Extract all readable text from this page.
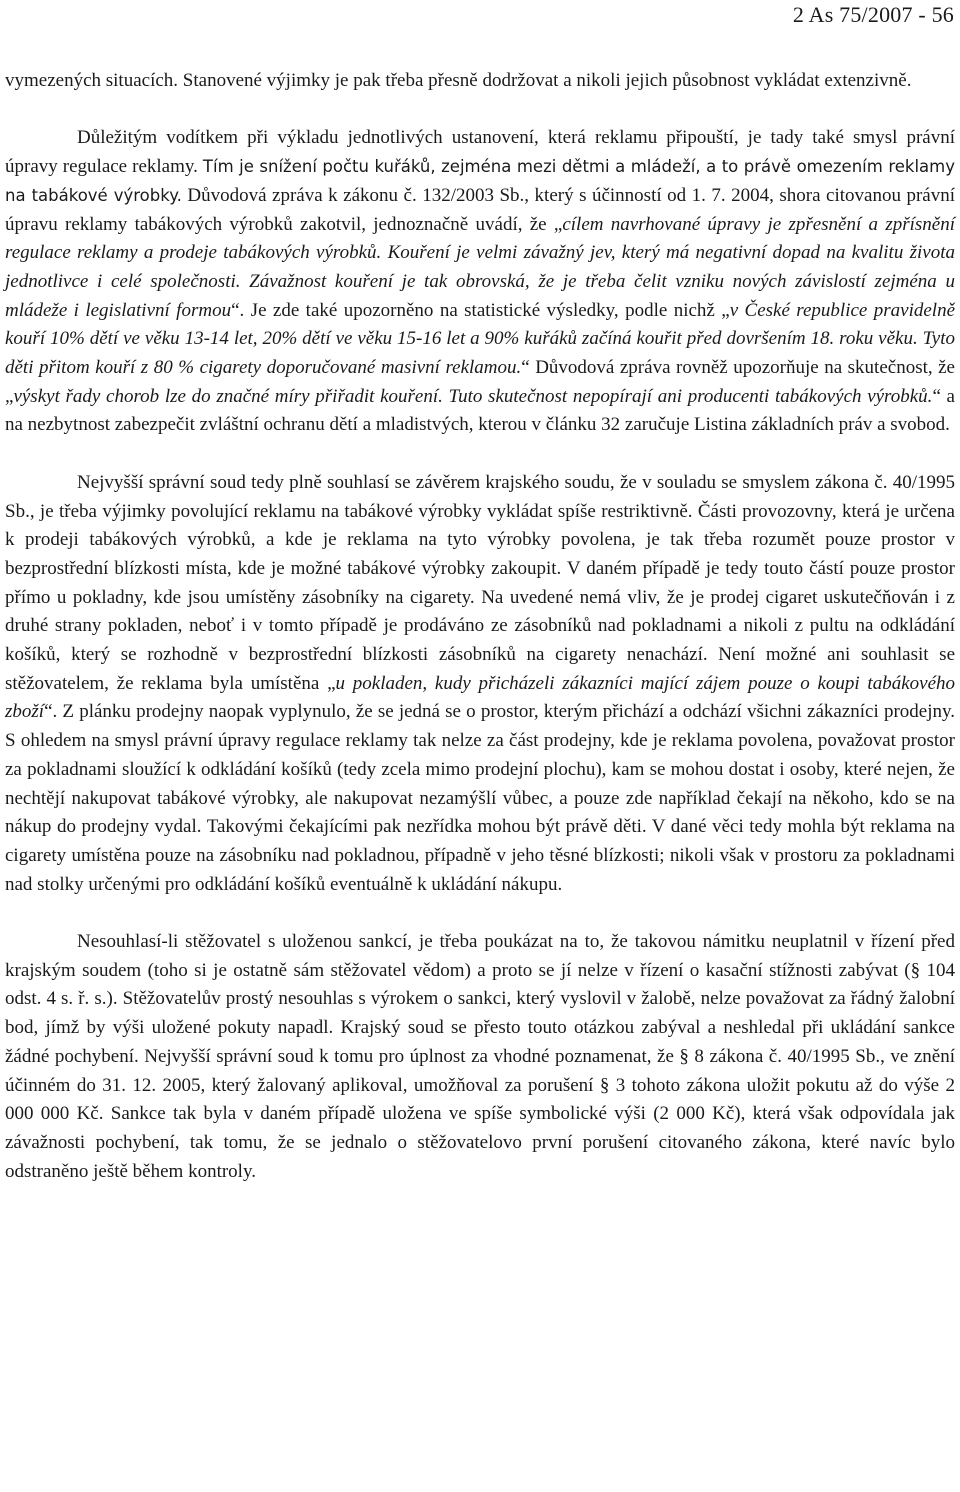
2 As 75/2007 - 56

vymezených situacích. Stanovené výjimky je pak třeba přesně dodržovat a nikoli jejich působnost vykládat extenzivně.

Důležitým vodítkem při výkladu jednotlivých ustanovení, která reklamu připouští, je tady také smysl právní úpravy regulace reklamy. Tím je snížení počtu kuřáků, zejména mezi dětmi a mládeží, a to právě omezením reklamy na tabákové výrobky. Důvodová zpráva k zákonu č. 132/2003 Sb., který s účinností od 1. 7. 2004, shora citovanou právní úpravu reklamy tabákových výrobků zakotvil, jednoznačně uvádí, že „cílem navrhované úpravy je zpřesnění a zpřísnění regulace reklamy a prodeje tabákových výrobků. Kouření je velmi závažný jev, který má negativní dopad na kvalitu života jednotlivce i celé společnosti. Závažnost kouření je tak obrovská, že je třeba čelit vzniku nových závislostí zejména u mládeže i legislativní formou“. Je zde také upozorněno na statistické výsledky, podle nichž „v České republice pravidelně kouří 10% dětí ve věku 13-14 let, 20% dětí ve věku 15-16 let a 90% kuřáků začíná kouřit před dovršením 18. roku věku. Tyto děti přitom kouří z 80 % cigarety doporučované masivní reklamou.“ Důvodová zpráva rovněž upozorňuje na skutečnost, že „výskyt řady chorob lze do značné míry přiřadit kouření. Tuto skutečnost nepopírají ani producenti tabákových výrobků.“ a na nezbytnost zabezpečit zvláštní ochranu dětí a mladistvých, kterou v článku 32 zaručuje Listina základních práv a svobod.

Nejvyšší správní soud tedy plně souhlasí se závěrem krajského soudu, že v souladu se smyslem zákona č. 40/1995 Sb., je třeba výjimky povolující reklamu na tabákové výrobky vykládat spíše restriktivně. Části provozovny, která je určena k prodeji tabákových výrobků, a kde je reklama na tyto výrobky povolena, je tak třeba rozumět pouze prostor v bezprostřední blízkosti místa, kde je možné tabákové výrobky zakoupit. V daném případě je tedy touto částí pouze prostor přímo u pokladny, kde jsou umístěny zásobníky na cigarety. Na uvedené nemá vliv, že je prodej cigaret uskutečňován i z druhé strany pokladen, neboť i v tomto případě je prodáváno ze zásobníků nad pokladnami a nikoli z pultu na odkládání košíků, který se rozhodně v bezprostřední blízkosti zásobníků na cigarety nenachází. Není možné ani souhlasit se stěžovatelem, že reklama byla umístěna „u pokladen, kudy přicházeli zákazníci mající zájem pouze o koupi tabákového zboží“. Z plánku prodejny naopak vyplynulo, že se jedná se o prostor, kterým přichází a odchází všichni zákazníci prodejny. S ohledem na smysl právní úpravy regulace reklamy tak nelze za část prodejny, kde je reklama povolena, považovat prostor za pokladnami sloužící k odkládání košíků (tedy zcela mimo prodejní plochu), kam se mohou dostat i osoby, které nejen, že nechtějí nakupovat tabákové výrobky, ale nakupovat nezamýšlí vůbec, a pouze zde například čekají na někoho, kdo se na nákup do prodejny vydal. Takovými čekajícími pak nezřídka mohou být právě děti. V dané věci tedy mohla být reklama na cigarety umístěna pouze na zásobníku nad pokladnou, případně v jeho těsné blízkosti; nikoli však v prostoru za pokladnami nad stolky určenými pro odkládání košíků eventuálně k ukládání nákupu.

Nesouhlasí-li stěžovatel s uloženou sankcí, je třeba poukázat na to, že takovou námitku neuplatnil v řízení před krajským soudem (toho si je ostatně sám stěžovatel vědom) a proto se jí nelze v řízení o kasační stížnosti zabývat (§ 104 odst. 4 s. ř. s.). Stěžovatelův prostý nesouhlas s výrokem o sankci, který vyslovil v žalobě, nelze považovat za řádný žalobní bod, jímž by výši uložené pokuty napadl. Krajský soud se přesto touto otázkou zabýval a neshledal při ukládání sankce žádné pochybení. Nejvyšší správní soud k tomu pro úplnost za vhodné poznamenat, že § 8 zákona č. 40/1995 Sb., ve znění účinném do 31. 12. 2005, který žalovaný aplikoval, umožňoval za porušení § 3 tohoto zákona uložit pokutu až do výše 2 000 000 Kč. Sankce tak byla v daném případě uložena ve spíše symbolické výši (2 000 Kč), která však odpovídala jak závažnosti pochybení, tak tomu, že se jednalo o stěžovatelovo první porušení citovaného zákona, které navíc bylo odstraněno ještě během kontroly.
